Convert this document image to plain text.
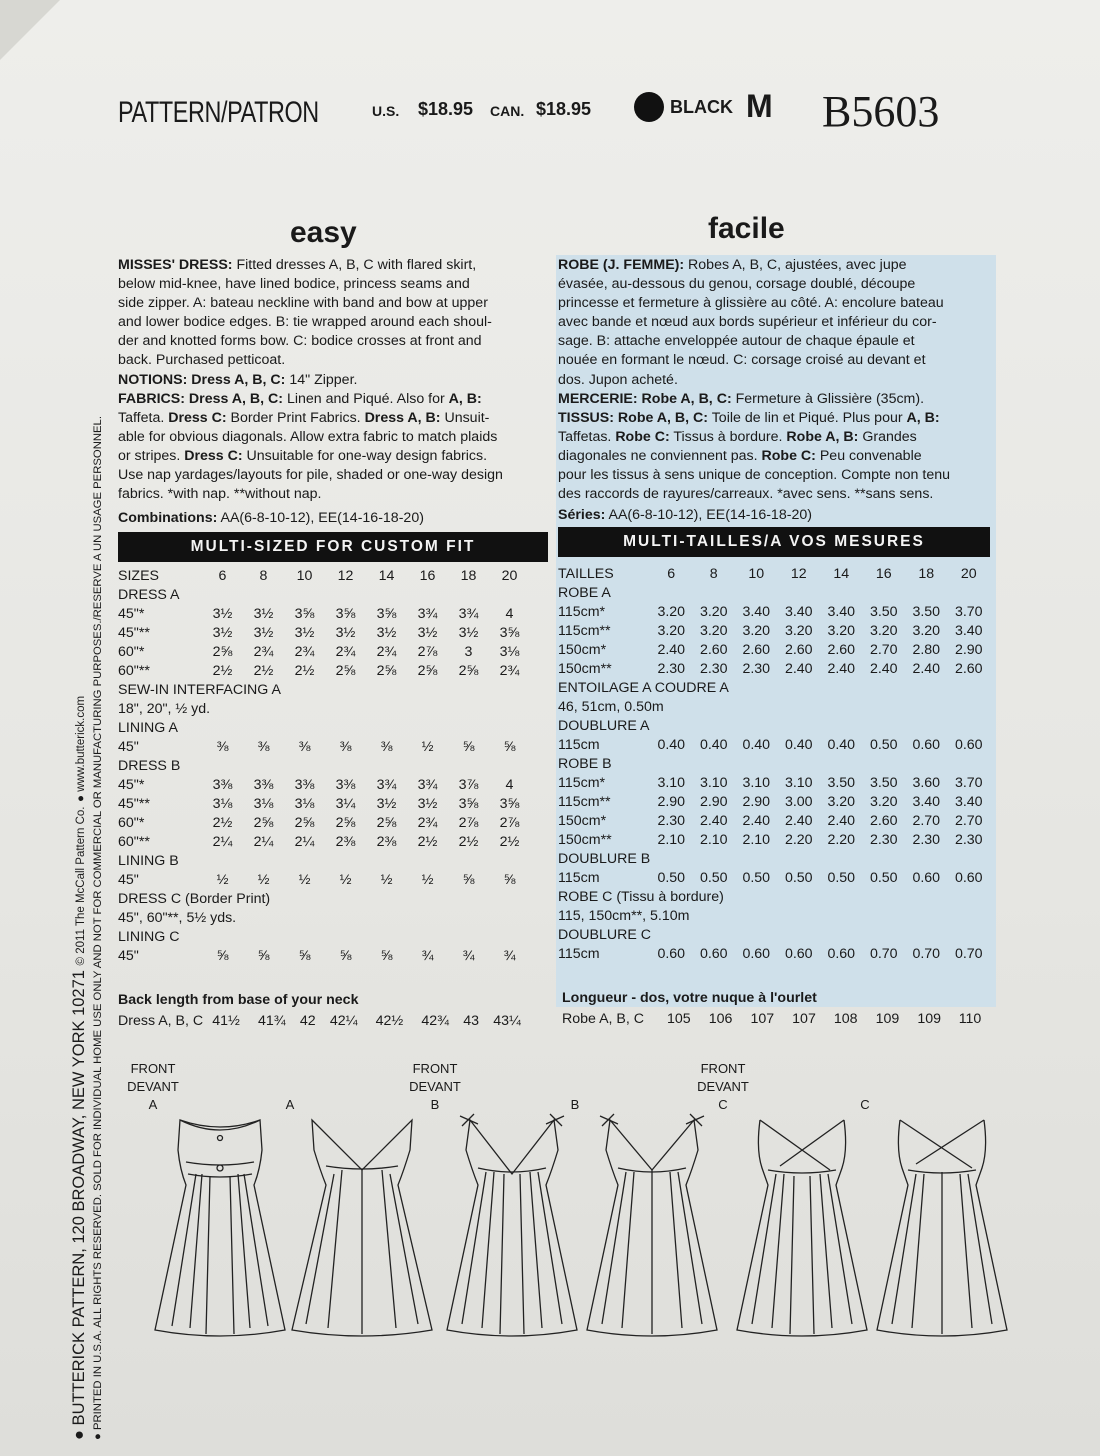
PATTERN/PATRON	U.S. $18.95 CAN. $18.95	BLACK M B5603
easy
MISSES' DRESS: Fitted dresses A, B, C with flared skirt,
below mid-knee, have lined bodice, princess seams and
side zipper. A: bateau neckline with band and bow at upper
and lower bodice edges. B: tie wrapped around each shoul-
der and knotted forms bow. C: bodice crosses at front and
back. Purchased petticoat.
NOTIONS: Dress A, B, C: 14" Zipper.
FABRICS: Dress A, B, C: Linen and Piqué. Also for A, B:
Taffeta. Dress C: Border Print Fabrics. Dress A, B: Unsuit-
able for obvious diagonals. Allow extra fabric to match plaids
or stripes. Dress C: Unsuitable for one-way design fabrics.
Use nap yardages/layouts for pile, shaded or one-way design
fabrics. *with nap. **without nap.
Combinations: AA(6-8-10-12), EE(14-16-18-20)
MULTI-SIZED FOR CUSTOM FIT
SIZES	6	8	10	12	14	16	18	20
DRESS A								
45"*	3½	3½	3⅝	3⅝	3⅝	3¾	3¾	4
45"**	3½	3½	3½	3½	3½	3½	3½	3⅝
60"*	2⅝	2¾	2¾	2¾	2¾	2⅞	3	3⅛
60"**	2½	2½	2½	2⅝	2⅝	2⅝	2⅝	2¾
SEW-IN INTERFACING A								
18", 20", ½ yd.								
LINING A								
45"	⅜	⅜	⅜	⅜	⅜	½	⅝	⅝
DRESS B								
45"*	3⅜	3⅜	3⅜	3⅜	3¾	3¾	3⅞	4
45"**	3⅛	3⅛	3⅛	3¼	3½	3½	3⅝	3⅝
60"*	2½	2⅝	2⅝	2⅝	2⅝	2¾	2⅞	2⅞
60"**	2¼	2¼	2¼	2⅜	2⅜	2½	2½	2½
LINING B								
45"	½	½	½	½	½	½	⅝	⅝
DRESS C (Border Print)								
45", 60"**, 5½ yds.								
LINING C								
45"	⅝	⅝	⅝	⅝	⅝	¾	¾	¾
Back length from base of your neck
Dress A, B, C	41½	41¾	42	42¼	42½	42¾	43	43¼
facile
ROBE (J. FEMME): Robes A, B, C, ajustées, avec jupe
évasée, au-dessous du genou, corsage doublé, découpe
princesse et fermeture à glissière au côté. A: encolure bateau
avec bande et nœud aux bords supérieur et inférieur du cor-
sage. B: attache enveloppée autour de chaque épaule et
nouée en formant le nœud. C: corsage croisé au devant et
dos. Jupon acheté.
MERCERIE: Robe A, B, C: Fermeture à Glissière (35cm).
TISSUS: Robe A, B, C: Toile de lin et Piqué. Plus pour A, B:
Taffetas. Robe C: Tissus à bordure. Robe A, B: Grandes
diagonales ne conviennent pas. Robe C: Peu convenable
pour les tissus à sens unique de conception. Compte non tenu
des raccords de rayures/carreaux. *avec sens. **sans sens.
Séries: AA(6-8-10-12), EE(14-16-18-20)
MULTI-TAILLES/A VOS MESURES
TAILLES	6	8	10	12	14	16	18	20
ROBE A								
115cm*	3.20	3.20	3.40	3.40	3.40	3.50	3.50	3.70
115cm**	3.20	3.20	3.20	3.20	3.20	3.20	3.20	3.40
150cm*	2.40	2.60	2.60	2.60	2.60	2.70	2.80	2.90
150cm**	2.30	2.30	2.30	2.40	2.40	2.40	2.40	2.60
ENTOILAGE A COUDRE A								
46, 51cm, 0.50m								
DOUBLURE A								
115cm	0.40	0.40	0.40	0.40	0.40	0.50	0.60	0.60
ROBE B								
115cm*	3.10	3.10	3.10	3.10	3.50	3.50	3.60	3.70
115cm**	2.90	2.90	2.90	3.00	3.20	3.20	3.40	3.40
150cm*	2.30	2.40	2.40	2.40	2.40	2.60	2.70	2.70
150cm**	2.10	2.10	2.10	2.20	2.20	2.30	2.30	2.30
DOUBLURE B								
115cm	0.50	0.50	0.50	0.50	0.50	0.50	0.60	0.60
ROBE C (Tissu à bordure)								
115, 150cm**, 5.10m								
DOUBLURE C								
115cm	0.60	0.60	0.60	0.60	0.60	0.70	0.70	0.70
Longueur - dos, votre nuque à l'ourlet
Robe A, B, C	105	106	107	107	108	109	109	110
● BUTTERICK PATTERN, 120 BROADWAY, NEW YORK 10271 © 2011 The McCall Pattern Co. ● www.butterick.com
● PRINTED IN U.S.A. ALL RIGHTS RESERVED. SOLD FOR INDIVIDUAL HOME USE ONLY AND NOT FOR COMMERCIAL OR MANUFACTURING PURPOSES./RESERVE A UN USAGE PERSONNEL.	FRONT
DEVANT
A

	A
FRONT
DEVANT
B

	B
FRONT
DEVANT
C

	C
